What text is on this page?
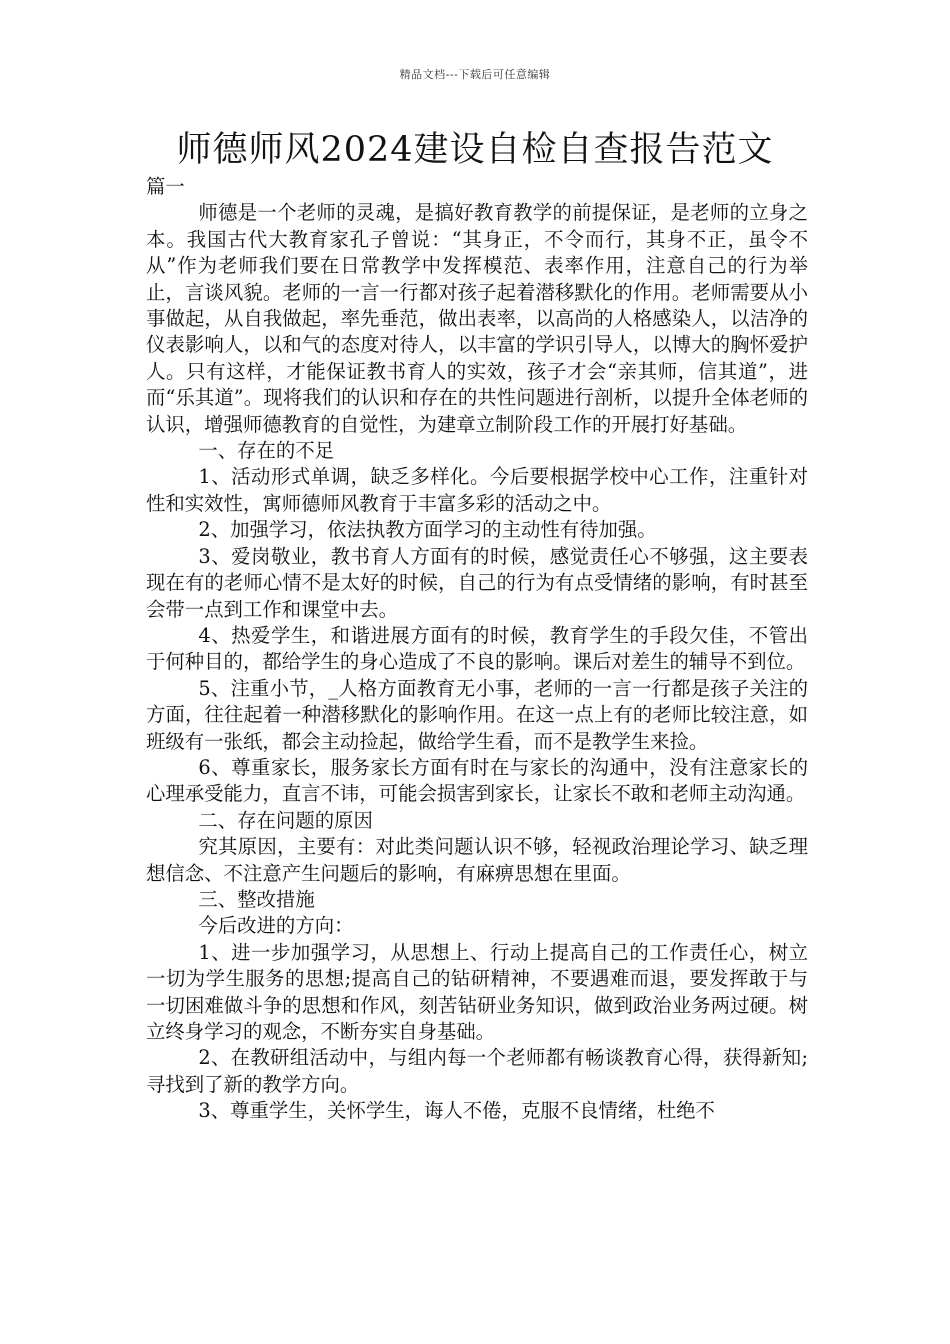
精品文档---下载后可任意编辑
师德师风2024建设自检自查报告范文

篇一

师德是一个老师的灵魂，是搞好教育教学的前提保证，是老师的立身之本。我国古代大教育家孔子曾说：“其身正，不令而行，其身不正，虽令不从”作为老师我们要在日常教学中发挥模范、表率作用，注意自己的行为举止，言谈风貌。老师的一言一行都对孩子起着潜移默化的作用。老师需要从小事做起，从自我做起，率先垂范，做出表率，以高尚的人格感染人，以洁净的仪表影响人，以和气的态度对待人，以丰富的学识引导人，以博大的胸怀爱护人。只有这样，才能保证教书育人的实效，孩子才会“亲其师，信其道”，进而“乐其道”。现将我们的认识和存在的共性问题进行剖析，以提升全体老师的认识，增强师德教育的自觉性，为建章立制阶段工作的开展打好基础。

一、存在的不足

1、活动形式单调，缺乏多样化。今后要根据学校中心工作，注重针对性和实效性，寓师德师风教育于丰富多彩的活动之中。

2、加强学习，依法执教方面学习的主动性有待加强。

3、爱岗敬业，教书育人方面有的时候，感觉责任心不够强，这主要表现在有的老师心情不是太好的时候，自己的行为有点受情绪的影响，有时甚至会带一点到工作和课堂中去。

4、热爱学生，和谐进展方面有的时候，教育学生的手段欠佳，不管出于何种目的，都给学生的身心造成了不良的影响。课后对差生的辅导不到位。

5、注重小节，_人格方面教育无小事，老师的一言一行都是孩子关注的方面，往往起着一种潜移默化的影响作用。在这一点上有的老师比较注意，如班级有一张纸，都会主动捡起，做给学生看，而不是教学生来捡。

6、尊重家长，服务家长方面有时在与家长的沟通中，没有注意家长的心理承受能力，直言不讳，可能会损害到家长，让家长不敢和老师主动沟通。

二、存在问题的原因

究其原因，主要有：对此类问题认识不够，轻视政治理论学习、缺乏理想信念、不注意产生问题后的影响，有麻痹思想在里面。

三、整改措施

今后改进的方向：

1、进一步加强学习，从思想上、行动上提高自己的工作责任心，树立一切为学生服务的思想;提高自己的钻研精神，不要遇难而退，要发挥敢于与一切困难做斗争的思想和作风，刻苦钻研业务知识，做到政治业务两过硬。树立终身学习的观念，不断夯实自身基础。

2、在教研组活动中，与组内每一个老师都有畅谈教育心得，获得新知;寻找到了新的教学方向。

3、尊重学生，关怀学生，诲人不倦，克服不良情绪，杜绝不
